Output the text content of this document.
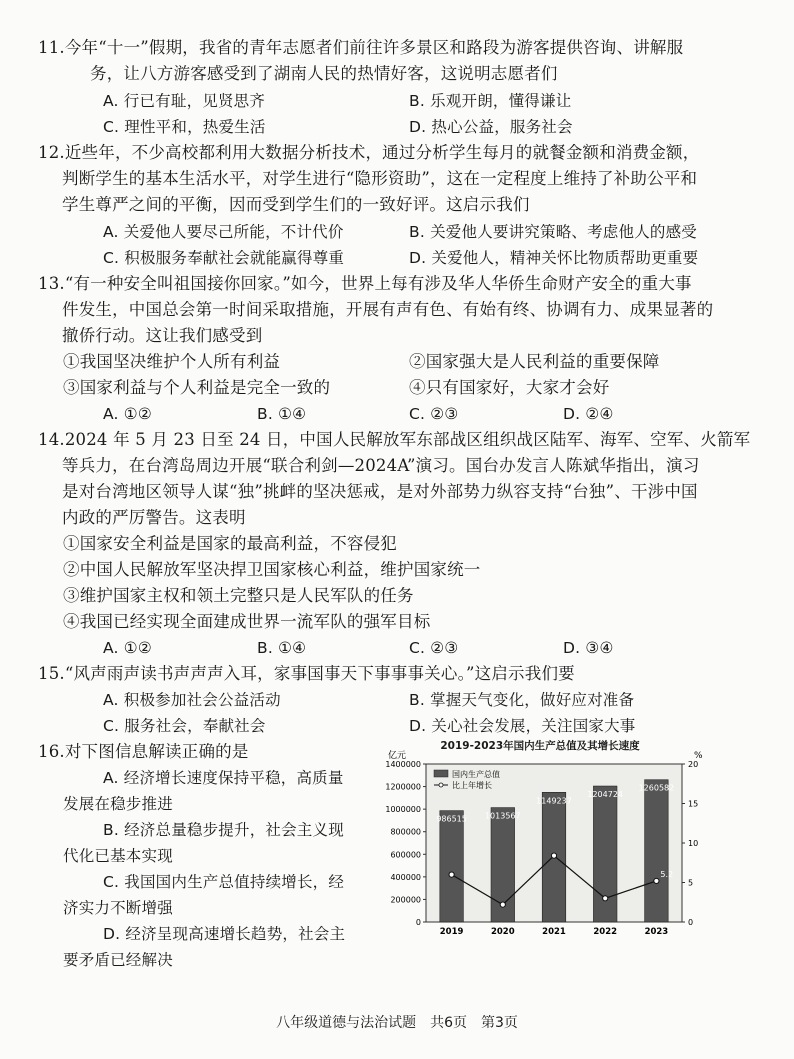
11.今年“十一”假期，我省的青年志愿者们前往许多景区和路段为游客提供咨询、讲解服
务，让八方游客感受到了湖南人民的热情好客，这说明志愿者们
A. 行已有耻，见贤思齐	B. 乐观开朗，懂得谦让
C. 理性平和，热爱生活	D. 热心公益，服务社会
12.近些年，不少高校都利用大数据分析技术，通过分析学生每月的就餐金额和消费金额，
判断学生的基本生活水平，对学生进行“隐形资助”，这在一定程度上维持了补助公平和
学生尊严之间的平衡，因而受到学生们的一致好评。这启示我们
A. 关爱他人要尽己所能，不计代价	B. 关爱他人要讲究策略、考虑他人的感受
C. 积极服务奉献社会就能赢得尊重	D. 关爱他人，精神关怀比物质帮助更重要
13.“有一种安全叫祖国接你回家。”如今，世界上每有涉及华人华侨生命财产安全的重大事
件发生，中国总会第一时间采取措施，开展有声有色、有始有终、协调有力、成果显著的
撤侨行动。这让我们感受到
①我国坚决维护个人所有利益	②国家强大是人民利益的重要保障
③国家利益与个人利益是完全一致的	④只有国家好，大家才会好
A. ①②	B. ①④	C. ②③	D. ②④
14.2024 年 5 月 23 日至 24 日，中国人民解放军东部战区组织战区陆军、海军、空军、火箭军
等兵力，在台湾岛周边开展“联合利剑—2024A”演习。国台办发言人陈斌华指出，演习
是对台湾地区领导人谋“独”挑衅的坚决惩戒，是对外部势力纵容支持“台独”、干涉中国
内政的严厉警告。这表明
①国家安全利益是国家的最高利益，不容侵犯
②中国人民解放军坚决捍卫国家核心利益，维护国家统一
③维护国家主权和领土完整只是人民军队的任务
④我国已经实现全面建成世界一流军队的强军目标
A. ①②	B. ①④	C. ②③	D. ③④
15.“风声雨声读书声声声入耳，家事国事天下事事事关心。”这启示我们要
A. 积极参加社会公益活动	B. 掌握天气变化，做好应对准备
C. 服务社会，奉献社会	D. 关心社会发展，关注国家大事
16.对下图信息解读正确的是
A. 经济增长速度保持平稳，高质量
发展在稳步推进
B. 经济总量稳步提升，社会主义现
代化已基本实现
C. 我国国内生产总值持续增长，经
济实力不断增强
D. 经济呈现高速增长趋势，社会主
要矛盾已经解决
2019-2023年国内生产总值及其增长速度
亿元	%
0
200000
400000
600000
800000
1000000
1200000
1400000
0
5
10
15
20
986515
2019
1013567
2020
1149237
2021
1204724
2022
1260582
2023
5.2
国内生产总值
比上年增长
八年级道德与法治试题　共6页　第3页
